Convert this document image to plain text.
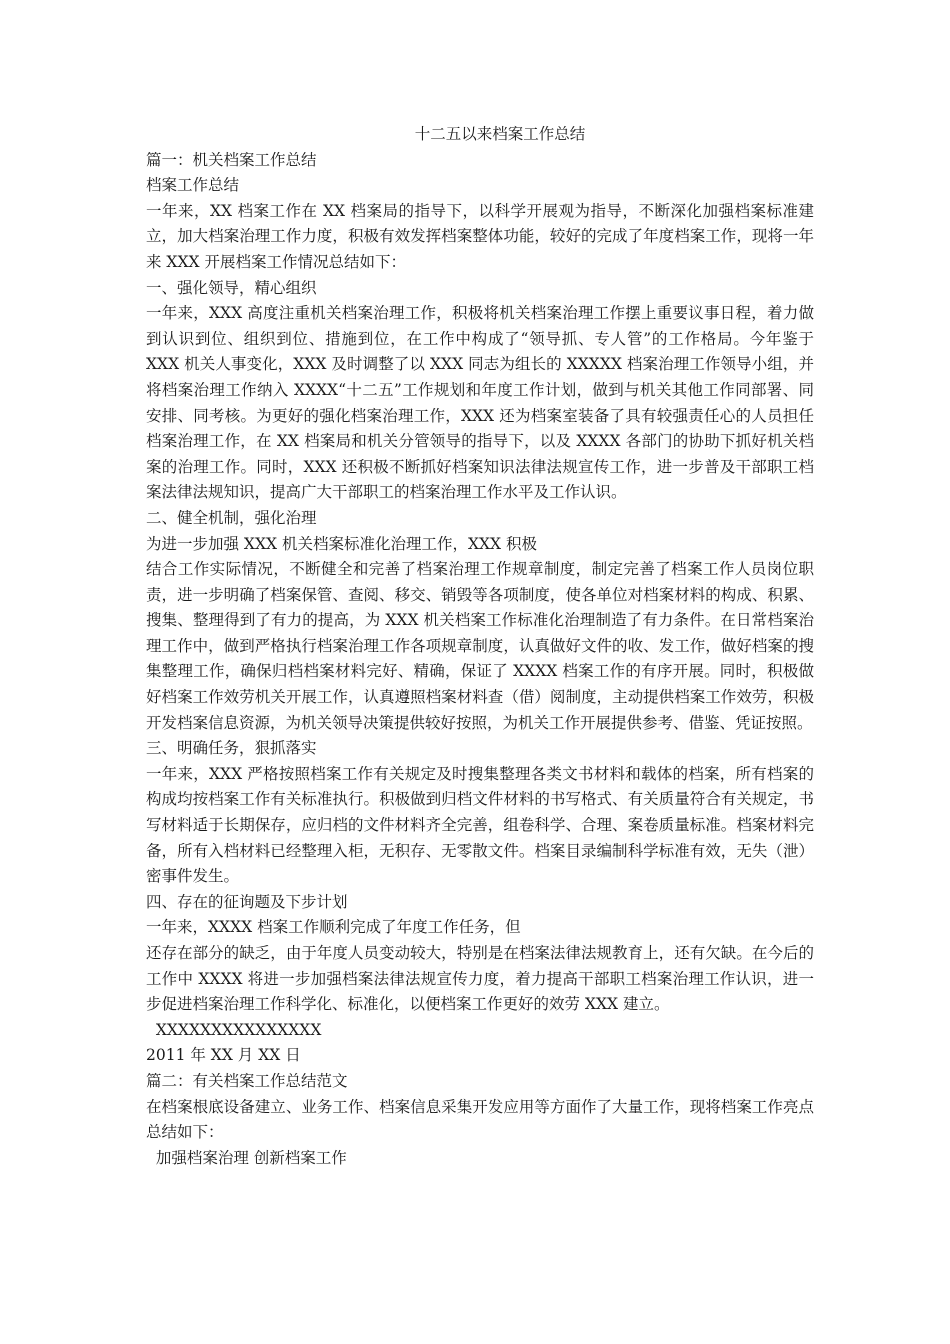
十二五以来档案工作总结

篇一：机关档案工作总结

档案工作总结

一年来，XX 档案工作在 XX 档案局的指导下，以科学开展观为指导，不断深化加强档案标准建立，加大档案治理工作力度，积极有效发挥档案整体功能，较好的完成了年度档案工作，现将一年来 XXX 开展档案工作情况总结如下：

一、强化领导，精心组织

一年来，XXX 高度注重机关档案治理工作，积极将机关档案治理工作摆上重要议事日程，着力做到认识到位、组织到位、措施到位，在工作中构成了“领导抓、专人管”的工作格局。今年鉴于 XXX 机关人事变化，XXX 及时调整了以 XXX 同志为组长的 XXXXX 档案治理工作领导小组，并将档案治理工作纳入 XXXX“十二五”工作规划和年度工作计划，做到与机关其他工作同部署、同安排、同考核。为更好的强化档案治理工作，XXX 还为档案室装备了具有较强责任心的人员担任档案治理工作，在 XX 档案局和机关分管领导的指导下，以及 XXXX 各部门的协助下抓好机关档案的治理工作。同时，XXX 还积极不断抓好档案知识法律法规宣传工作，进一步普及干部职工档案法律法规知识，提高广大干部职工的档案治理工作水平及工作认识。

二、健全机制，强化治理

为进一步加强 XXX 机关档案标准化治理工作，XXX 积极

结合工作实际情况，不断健全和完善了档案治理工作规章制度，制定完善了档案工作人员岗位职责，进一步明确了档案保管、查阅、移交、销毁等各项制度，使各单位对档案材料的构成、积累、搜集、整理得到了有力的提高，为 XXX 机关档案工作标准化治理制造了有力条件。在日常档案治理工作中，做到严格执行档案治理工作各项规章制度，认真做好文件的收、发工作，做好档案的搜集整理工作，确保归档档案材料完好、精确，保证了 XXXX 档案工作的有序开展。同时，积极做好档案工作效劳机关开展工作，认真遵照档案材料查（借）阅制度，主动提供档案工作效劳，积极开发档案信息资源，为机关领导决策提供较好按照，为机关工作开展提供参考、借鉴、凭证按照。

三、明确任务，狠抓落实

一年来，XXX 严格按照档案工作有关规定及时搜集整理各类文书材料和载体的档案，所有档案的构成均按档案工作有关标准执行。积极做到归档文件材料的书写格式、有关质量符合有关规定，书写材料适于长期保存，应归档的文件材料齐全完善，组卷科学、合理、案卷质量标准。档案材料完备，所有入档材料已经整理入柜，无积存、无零散文件。档案目录编制科学标准有效，无失（泄）密事件发生。

四、存在的征询题及下步计划

一年来，XXXX 档案工作顺利完成了年度工作任务，但

还存在部分的缺乏，由于年度人员变动较大，特别是在档案法律法规教育上，还有欠缺。在今后的工作中 XXXX 将进一步加强档案法律法规宣传力度，着力提高干部职工档案治理工作认识，进一步促进档案治理工作科学化、标准化，以便档案工作更好的效劳 XXX 建立。

XXXXXXXXXXXXXXX

2011 年 XX 月 XX 日

篇二：有关档案工作总结范文

在档案根底设备建立、业务工作、档案信息采集开发应用等方面作了大量工作，现将档案工作亮点总结如下：

加强档案治理 创新档案工作
